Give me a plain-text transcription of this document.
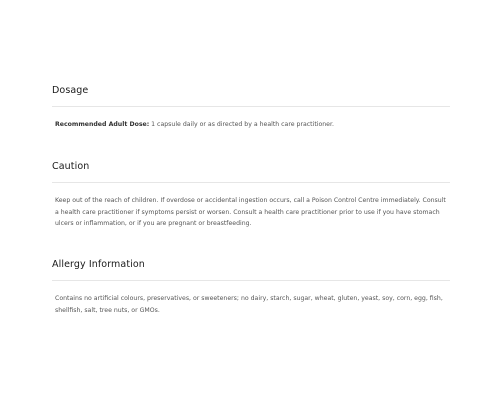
Dosage

Recommended Adult Dose: 1 capsule daily or as directed by a health care practitioner.

Caution

Keep out of the reach of children. If overdose or accidental ingestion occurs, call a Poison Control Centre immediately. Consult a health care practitioner if symptoms persist or worsen. Consult a health care practitioner prior to use if you have stomach ulcers or inflammation, or if you are pregnant or breastfeeding.

Allergy Information

Contains no artificial colours, preservatives, or sweeteners; no dairy, starch, sugar, wheat, gluten, yeast, soy, corn, egg, fish, shellfish, salt, tree nuts, or GMOs.
